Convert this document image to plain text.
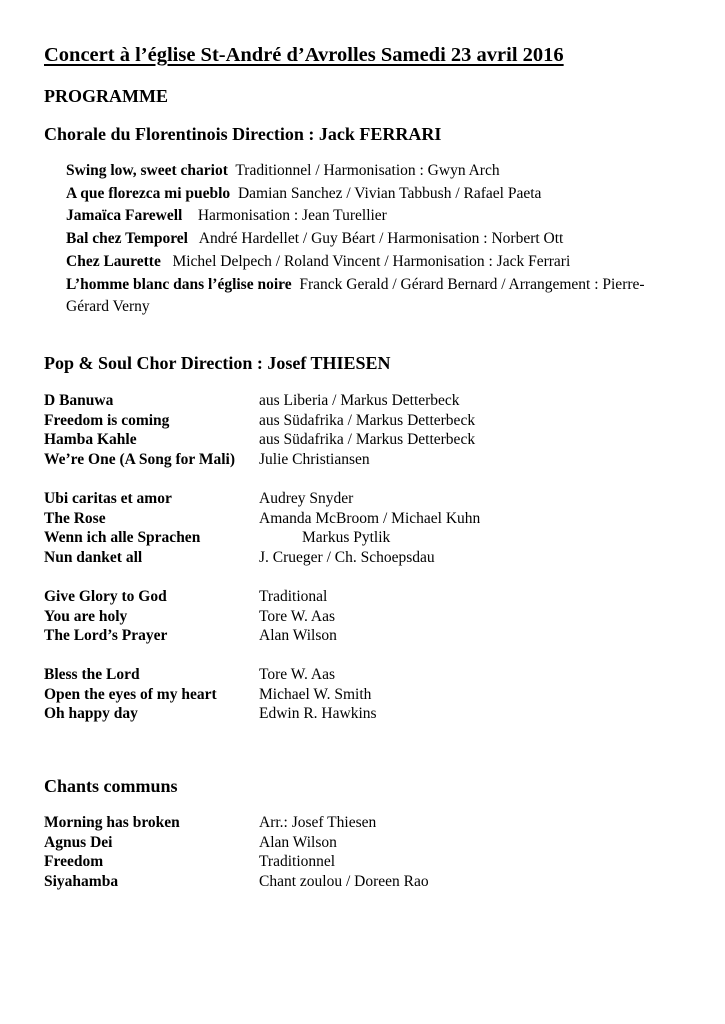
Concert à l’église St-André d’Avrolles Samedi 23 avril 2016
PROGRAMME
Chorale du Florentinois Direction : Jack FERRARI

Swing low, sweet chariot Traditionnel / Harmonisation : Gwyn Arch

A que florezca mi pueblo Damian Sanchez / Vivian Tabbush / Rafael Paeta

Jamaïca Farewell Harmonisation : Jean Turellier

Bal chez Temporel André Hardellet / Guy Béart / Harmonisation : Norbert Ott

Chez Laurette Michel Delpech / Roland Vincent / Harmonisation : Jack Ferrari

L’homme blanc dans l’église noire Franck Gerald / Gérard Bernard / Arrangement : Pierre-Gérard Verny

Pop & Soul Chor Direction : Josef THIESEN
D Banuwa	aus Liberia / Markus Detterbeck
Freedom is coming	aus Südafrika / Markus Detterbeck
Hamba Kahle	aus Südafrika / Markus Detterbeck
We’re One (A Song for Mali)	Julie Christiansen
Ubi caritas et amor	Audrey Snyder
The Rose	Amanda McBroom / Michael Kuhn
Wenn ich alle Sprachen	Markus Pytlik
Nun danket all	J. Crueger / Ch. Schoepsdau
Give Glory to God	Traditional
You are holy	Tore W. Aas
The Lord’s Prayer	Alan Wilson
Bless the Lord	Tore W. Aas
Open the eyes of my heart	Michael W. Smith
Oh happy day	Edwin R. Hawkins
Chants communs
Morning has broken	Arr.: Josef Thiesen
Agnus Dei	Alan Wilson
Freedom	Traditionnel
Siyahamba	Chant zoulou / Doreen Rao
